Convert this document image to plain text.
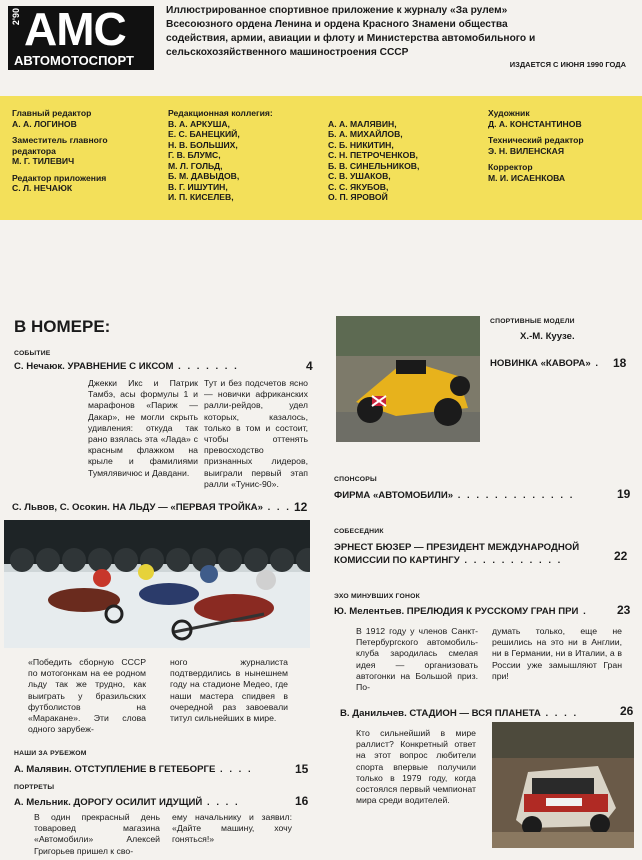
2'90 АМС
АВТОМОТОСПОРТ
Иллюстрированное спортивное приложение к журналу «За рулем» Всесоюзного ордена Ленина и ордена Красного Знамени общества содействия, армии, авиации и флоту и Министерства автомобильного и сельскохозяйственного машиностроения СССР
ИЗДАЕТСЯ С ИЮНЯ 1990 ГОДА
Главный редактор
А. А. ЛОГИНОВ
Заместитель главного редактора
М. Г. ТИЛЕВИЧ
Редактор приложения
С. Л. НЕЧАЮК
Редакционная коллегия:
В. А. АРКУША,
Е. С. БАНЕЦКИЙ,
Н. В. БОЛЬШИХ,
Г. В. БЛУМС,
М. Л. ГОЛЬД,
Б. М. ДАВЫДОВ,
В. Г. ИШУТИН,
И. П. КИСЕЛЕВ,
А. А. МАЛЯВИН,
Б. А. МИХАЙЛОВ,
С. Б. НИКИТИН,
С. Н. ПЕТРОЧЕНКОВ,
Б. В. СИНЕЛЬНИКОВ,
С. В. УШАКОВ,
С. С. ЯКУБОВ,
О. П. ЯРОВОЙ
Художник
Д. А. КОНСТАНТИНОВ
Технический редактор
Э. Н. ВИЛЕНСКАЯ
Корректор
М. И. ИСАЕНКОВА
В НОМЕРЕ:
СОБЫТИЕ
С. Нечаюк. УРАВНЕНИЕ С ИКСОМ . . . . . . .	4
Джекки Икс и Патрик Тамбэ, асы формулы 1 и марафонов «Париж — Дакар», не могли скрыть удивления: откуда так рано взялась эта «Лада» с красным флажком на крыле и фамилиями Тумялявичюс и Давдани.
Тут и без подсчетов ясно — новички африканских ралли-рейдов, удел которых, казалось, только в том и состоит, чтобы оттенять превосходство признанных лидеров, выиграли первый этап ралли «Тунис-90».
С. Львов, С. Осокин. НА ЛЬДУ — «ПЕРВАЯ ТРОЙКА» . . . 12
«Победить сборную СССР по мотогонкам на ее родном льду так же трудно, как выиграть у бразильских футболистов на «Маракане». Эти слова одного зарубеж-
ного журналиста подтвердились в нынешнем году на стадионе Медео, где наши мастера спидвея в очередной раз завоевали титул сильнейших в мире.
НАШИ ЗА РУБЕЖОМ
А. Малявин. ОТСТУПЛЕНИЕ В ГЕТЕБОРГЕ . . . .	15
ПОРТРЕТЫ
А. Мельник. ДОРОГУ ОСИЛИТ ИДУЩИЙ . . . .	16
В один прекрасный день товаровед магазина «Автомобили» Алексей Григорьев пришел к сво-
ему начальнику и заявил: «Дайте машину, хочу гоняться!»
СПОРТИВНЫЕ МОДЕЛИ
Х.-М. Куузе.
НОВИНКА «КАВОРА» . 18
СПОНСОРЫ
ФИРМА «АВТОМОБИЛИ» . . . . . . . . . . . . .	19
СОБЕСЕДНИК
ЭРНЕСТ БЮЗЕР — ПРЕЗИДЕНТ МЕЖДУНАРОДНОЙ
КОМИССИИ ПО КАРТИНГУ . . . . . . . . . . .	22
ЭХО МИНУВШИХ ГОНОК
Ю. Мелентьев. ПРЕЛЮДИЯ К РУССКОМУ ГРАН ПРИ . 23
В 1912 году у членов Санкт-Петербургского автомобиль-клуба зародилась смелая идея — организовать автогонки на Большой приз. По-
думать только, еще не решились на это ни в Англии, ни в Германии, ни в Италии, а в России уже замышляют Гран при!
В. Данильчев. СТАДИОН — ВСЯ ПЛАНЕТА . . . .	26
Кто сильнейший в мире раллист? Конкретный ответ на этот вопрос любители спорта впервые получили только в 1979 году, когда состоялся первый чемпионат мира среди водителей.
